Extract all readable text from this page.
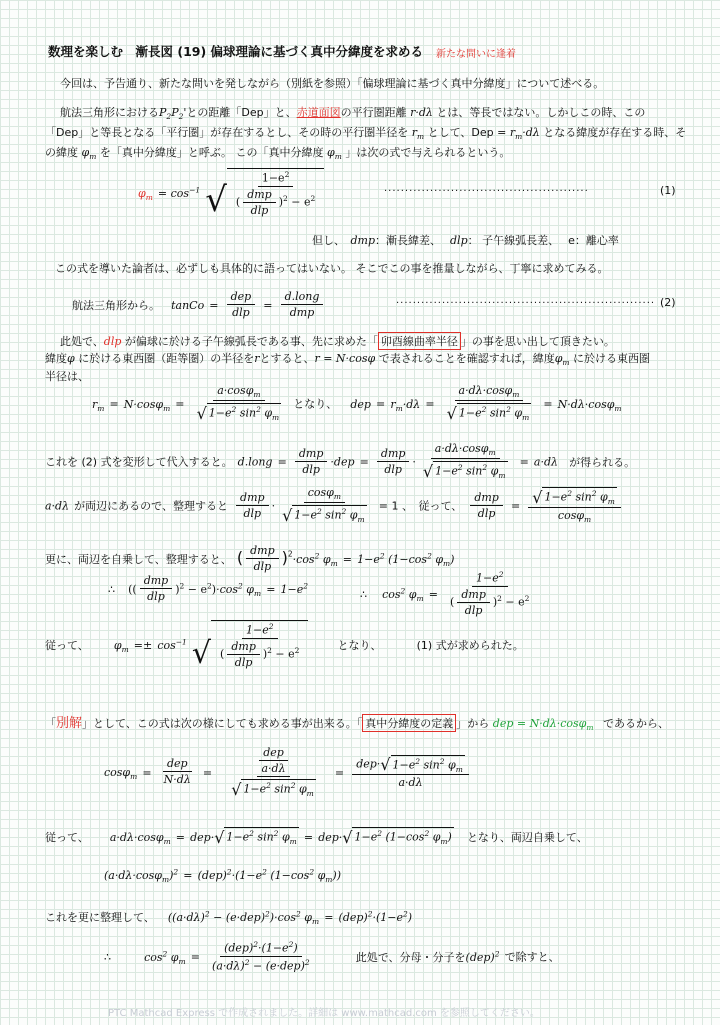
数理を楽しむ　漸長図 (19) 偏球理論に基づく真中分緯度を求める 新たな問いに逢着
今回は、予告通り、新たな問いを発しながら（別紙を参照）「偏球理論に基づく真中分緯度」について述べる。
航法三角形における$P_2P_2'$との距離「Dep」と、赤道面図の平行圏距離 r·dλ とは、等長ではない。しかしこの時、この
「Dep」と等長となる「平行圏」が存在するとし、その時の平行圏半径を $r_m$ として、Dep = $r_m\cdot d\lambda$ となる緯度が存在する時、そ
の緯度 $\varphi_m$ を「真中分緯度」と呼ぶ。 この「真中分緯度 $\varphi_m$ 」は次の式で与えられるという。
$\varphi_m = \cos^{-1}$ √ $\frac{1-e^2}{( \frac{\text{dmp}}{\text{dlp}} )^2 - e^2}$	·················································	(1)
但し、　 dmp：漸長緯差、　 dlp： 子午線弧長差、　 e：離心率
この式を導いた論者は、必ずしも具体的に語ってはいない。 そこでこの事を推量しながら、丁寧に求めてみる。
航法三角形から。 tanCo = $\frac{\text{dep}}{\text{dlp}} = \frac{\text{d.long}}{\text{dmp}}$	······························································ (2)
此処で、dlp が偏球に於ける子午線弧長である事、先に求めた「 卯酉線曲率半径 」の事を思い出して頂きたい。
緯度φ に於ける東西圏（距等圏）の半径をrとすると、r = N·cosφ で表されることを確認すれば，緯度$\varphi_m$ に於ける東西圏
半径は、
$r_m = N\cdot\cos\varphi_m = \frac{a\cdot\cos\varphi_m}{√ 1-e^2 \sin^2 \varphi_m}$ となり、 dep = $r_m\cdot d\lambda = \frac{a\cdot d\lambda\cdot\cos\varphi_m}{√ 1-e^2 \sin^2 \varphi_m} = N\cdot d\lambda\cdot\cos\varphi_m$
これを (2) 式を変形して代入すると。 d.long = $\frac{\text{dmp}}{\text{dlp}} \cdot dep = \frac{\text{dmp}}{\text{dlp}} \cdot \frac{a\cdot d\lambda\cdot\cos\varphi_m}{√ 1-e^2 \sin^2 \varphi_m} = a\cdot d\lambda$ が得られる。
a·dλ が両辺にあるので、整理すると $\frac{\text{dmp}}{\text{dlp}} \cdot \frac{\cos\varphi_m}{√ 1-e^2 \sin^2 \varphi_m} = 1$ 、　従って、 $\frac{\text{dmp}}{\text{dlp}} = \frac{√ 1-e^2 \sin^2 \varphi_m}{\cos\varphi_m}$
更に、両辺を自乗して、整理すると、 ( $\frac{\text{dmp}}{\text{dlp}} )^2\cdot\cos^2$ $\varphi_m = 1-e^2$ ($1-\cos^2$ $\varphi_m$)
∴ (( $\frac{\text{dmp}}{\text{dlp}} )^2 - e^2)\cdot\cos^2$ $\varphi_m = 1-e^2$
∴ $\cos^2 \varphi_m = \frac{1-e^2}{( \frac{\text{dmp}}{\text{dlp}} )^2 - e^2}$
従って、 $\varphi_m =\pm \cos^{-1}$ √ $\frac{1-e^2}{( \frac{\text{dmp}}{\text{dlp}} )^2 - e^2}$	となり、	(1) 式が求められた。
「別解」として、この式は次の様にしても求める事が出来る。「 真中分緯度の定義 」から dep = N·dλ·cosφ$_m$ であるから、
$\cos\varphi_m = \frac{\text{dep}}{N\cdot d\lambda} = \frac{\text{dep}}{\frac{a\cdot d\lambda}{√ 1-e^2 \sin^2 \varphi_m}} = \frac{dep\cdot √ 1-e^2 \sin^2 \varphi_m}{a\cdot d\lambda}$
従って、 a·dλ·cosφ$_m$ = dep· √ $1-e^2$ $\sin^2 \varphi_m = dep\cdot$ √ $1-e^2$ ($1-\cos^2$ $\varphi_m$) となり、両辺自乗して、
$(a\cdot d\lambda\cdot\cos\varphi_m)^2 = (dep)^2\cdot(1-e^2$ ($1-\cos^2$ $\varphi_m$))
これを更に整理して、 $((a\cdot d\lambda)^2 - (e\cdot dep)^2)\cdot\cos^2$ $\varphi_m = (dep)^2\cdot(1-e^2)$
∴	$\cos^2 \varphi_m = \frac{(dep)^2\cdot(1-e^2)}{(a\cdot d\lambda)^2 - (e\cdot dep)^2}$	此処で、分母・分子を(dep)$^2$ で除すと、
PTC Mathcad Express で作成されました。詳細は www.mathcad.com を参照してください。
